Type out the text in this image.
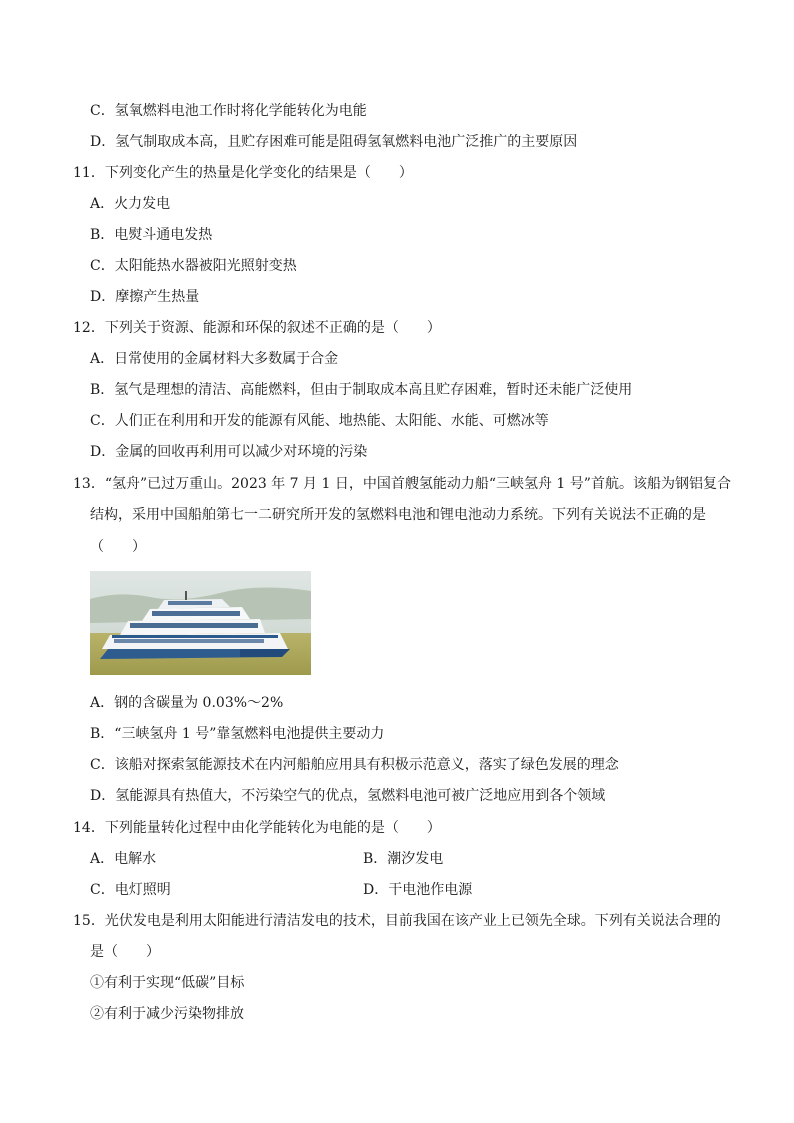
C．氢氧燃料电池工作时将化学能转化为电能
D．氢气制取成本高，且贮存困难可能是阻碍氢氧燃料电池广泛推广的主要原因
11．下列变化产生的热量是化学变化的结果是（　　）
A．火力发电
B．电熨斗通电发热
C．太阳能热水器被阳光照射变热
D．摩擦产生热量
12．下列关于资源、能源和环保的叙述不正确的是（　　）
A．日常使用的金属材料大多数属于合金
B．氢气是理想的清洁、高能燃料，但由于制取成本高且贮存困难，暂时还未能广泛使用
C．人们正在利用和开发的能源有风能、地热能、太阳能、水能、可燃冰等
D．金属的回收再利用可以减少对环境的污染
13．“氢舟”已过万重山。2023 年 7 月 1 日，中国首艘氢能动力船“三峡氢舟 1 号”首航。该船为钢铝复合
结构，采用中国船舶第七一二研究所开发的氢燃料电池和锂电池动力系统。下列有关说法不正确的是
（　　）
A．钢的含碳量为 0.03%～2%
B．“三峡氢舟 1 号”靠氢燃料电池提供主要动力
C．该船对探索氢能源技术在内河船舶应用具有积极示范意义，落实了绿色发展的理念
D．氢能源具有热值大，不污染空气的优点，氢燃料电池可被广泛地应用到各个领域
14．下列能量转化过程中由化学能转化为电能的是（　　）
A．电解水	B．潮汐发电
C．电灯照明	D．干电池作电源
15．光伏发电是利用太阳能进行清洁发电的技术，目前我国在该产业上已领先全球。下列有关说法合理的
是（　　）
①有利于实现“低碳”目标
②有利于减少污染物排放
